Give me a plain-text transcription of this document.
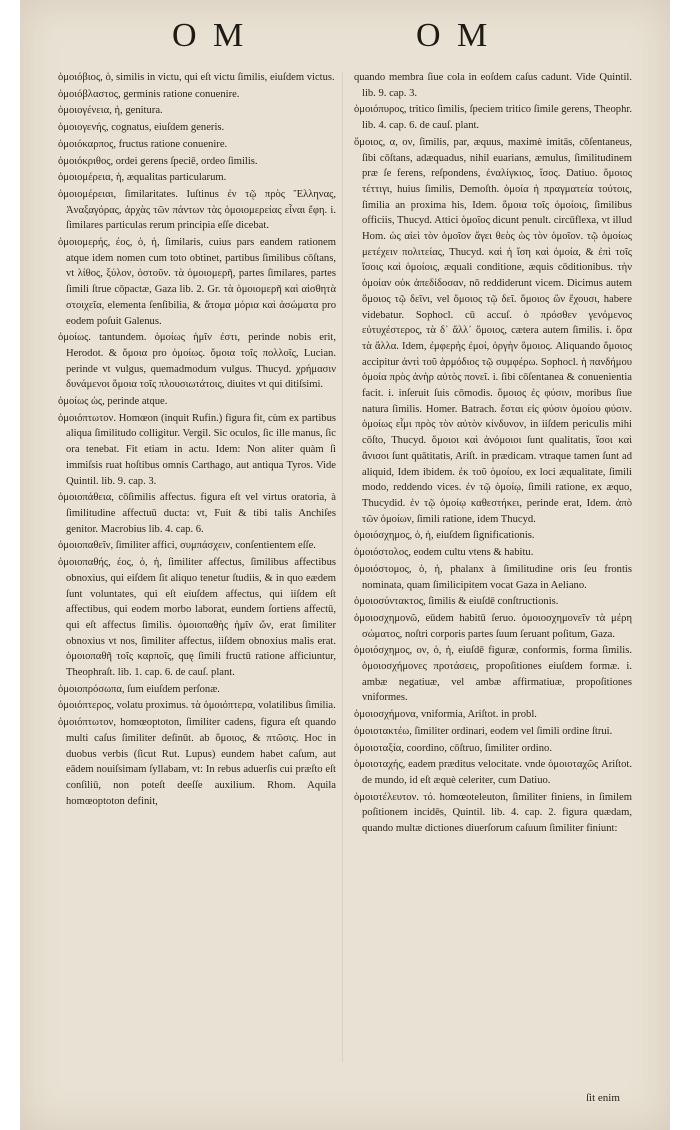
O M	O M

ὁμοιόβιος, ὁ, similis in victu, qui eſt victu ſimilis, eiuſdem victus.

ὁμοιόβλαστος, germinis ratione conuenire.

ὁμοιογένεια, ἡ, genitura.

ὁμοιογενής, cognatus, eiuſdem generis.

ὁμοιόκαρπος, fructus ratione conuenire.

ὁμοιόκριθος, ordei gerens ſpeciē, ordeo ſimilis.

ὁμοιομέρεια, ἡ, æqualitas particularum.

ὁμοιομέρειαι, ſimilaritates. Iuſtinus ἐν τῷ πρὸς Ἕλληνας, Ἀναξαγόρας, ἀρχὰς τῶν πάντων τὰς ὁμοιομερείας εἶναι ἔφη. i. ſimilares particulas rerum principia eſſe dicebat.

ὁμοιομερής, έος, ὁ, ἡ, ſimilaris, cuius pars eandem rationem atque idem nomen cum toto obtinet, partibus ſimilibus cōſtans, vt λίθος, ξύλον, ὀστοῦν. τὰ ὁμοιομερῆ, partes ſimilares, partes ſimili ſtrue cōpactæ, Gaza lib. 2. Gr. τὰ ὁμοιομερῆ καὶ αἰσθητὰ στοιχεῖα, elementa ſenſibilia, & ἄτομα μόρια καὶ ἀσώματα pro eodem poſuit Galenus.

ὁμοίως. tantundem. ὁμοίως ἡμῖν ἐστι, perinde nobis erit, Herodot. & ὅμοια pro ὁμοίως. ὅμοια τοῖς πολλοῖς, Lucian. perinde vt vulgus, quemadmodum vulgus. Thucyd. χρήμασιν δυνάμενοι ὅμοια τοῖς πλουσιωτάτοις, diuites vt qui ditiſsimi.

ὁμοίως ὡς, perinde atque.

ὁμοιόπτωτον. Homœon (inquit Rufin.) figura fit, cùm ex partibus aliqua ſimilitudo colligitur. Vergil. Sic oculos, ſic ille manus, ſic ora tenebat. Fit etiam in actu. Idem: Non aliter quàm ſi immiſsis ruat hoſtibus omnis Carthago, aut antiqua Tyros. Vide Quintil. lib. 9. cap. 3.

ὁμοιοπάθεια, cōſimilis affectus. figura eſt vel virtus oratoria, à ſimilitudine affectuū ducta: vt, Fuit & tibi talis Anchiſes genitor. Macrobius lib. 4. cap. 6.

ὁμοιοπαθεῖν, ſimiliter affici, συμπάσχειν, conſentientem eſſe.

ὁμοιοπαθής, έος, ὁ, ἡ, ſimiliter affectus, ſimilibus affectibus obnoxius, qui eiſdem ſit aliquo tenetur ſtudiis, & in quo eædem ſunt voluntates, qui eſt eiuſdem affectus, qui iiſdem eſt affectibus, qui eodem morbo laborat, eundem ſortiens affectū, qui eſt affectus ſimilis. ὁμοιοπαθὴς ἡμῖν ὤν, erat ſimiliter obnoxius vt nos, ſimiliter affectus, iiſdem obnoxius malis erat. ὁμοιοπαθῆ τοῖς καρποῖς, quę ſimili fructū ratione afficiuntur, Theophraſt. lib. 1. cap. 6. de cauſ. plant.

ὁμοιοπρόσωπα, ſum eiuſdem perſonæ.

ὁμοιόπτερος, volatu proximus. τὰ ὁμοιόπτερα, volatilibus ſimilia.

ὁμοιόπτωτον, homœoptoton, ſimiliter cadens, figura eſt quando multi caſus ſimiliter deſinūt. ab ὅμοιος, & πτῶσις. Hoc in duobus verbis (ſicut Rut. Lupus) eundem habet caſum, aut eādem nouiſsimam ſyllabam, vt: In rebus aduerſis cui præſto eſt conſiliū, non poteſt deeſſe auxilium. Rhom. Aquila homœoptoton definit,

quando membra ſiue cola in eoſdem caſus cadunt. Vide Quintil. lib. 9. cap. 3.

ὁμοιόπυρος, tritico ſimilis, ſpeciem tritico ſimile gerens, Theophr. lib. 4. cap. 6. de cauſ. plant.

ὅμοιος, α, ον, ſimilis, par, æquus, maximè imitās, cōſentaneus, ſibi cōſtans, adæquadus, nihil euarians, æmulus, ſimilitudinem præ ſe ferens, reſpondens, ἐναλίγκιος, ἴσος. Datiuo. ὅμοιος τέττιγι, huius ſimilis, Demoſth. ὁμοία ἡ πραγματεία τούτοις, ſimilia an proxima his, Idem. ὅμοια τοῖς ὁμοίοις, ſimilibus officiis, Thucyd. Attici ὁμοῖος dicunt penult. circūflexa, vt illud Hom. ὡς αἰεὶ τὸν ὁμοῖον ἄγει θεὸς ὡς τὸν ὁμοῖον. τῷ ὁμοίως μετέχειν πολιτείας, Thucyd. καὶ ἡ ἴση καὶ ὁμοία, & ἐπὶ τοῖς ἴσοις καὶ ὁμοίοις, æquali conditione, æquis cōditionibus. τὴν ὁμοίαν οὐκ ἀπεδίδοσαν, nō reddiderunt vicem. Dicimus autem ὅμοιος τῷ δεῖνι, vel ὅμοιος τῷ δεῖ. ὅμοιος ὢν ἔχουσι, habere videbatur. Sophocl. cū accuſ. ὁ πρόσθεν γενόμενος εὐτυχέστερος, τὰ δ᾽ ἄλλ᾽ ὅμοιος, cætera autem ſimilis. i. ὅρα τὰ ἄλλα. Idem, ἐμφερὴς ἐμοί, ὀργὴν ὅμοιος. Aliquando ὅμοιος accipitur ἀντὶ τοῦ ἁρμόδιος τῷ συμφέρω. Sophocl. ἡ πανδήμου ὁμοία πρὸς ἀνὴρ αὐτὸς πονεῖ. i. ſibi cōſentanea & conuenientia facit. i. inſeruit ſuis cōmodis. ὅμοιος ἐς φύσιν, moribus ſiue natura ſimilis. Homer. Batrach. ἔσται εἰς φύσιν ὁμοίου φύσιν. ὁμοίως εἶμι πρὸς τὸν αὐτὸν κίνδυνον, in iiſdem periculis mihi cōſto, Thucyd. ὅμοιοι καὶ ἀνόμοιοι ſunt qualitatis, ἴσοι καὶ ἄνισοι ſunt quātitatis, Ariſt. in prædicam. vtraque tamen ſunt ad aliquid, Idem ibidem. ἐκ τοῦ ὁμοίου, ex loci æqualitate, ſimili modo, reddendo vices. ἐν τῷ ὁμοίῳ, ſimili ratione, ex æquo, Thucydid. ἐν τῷ ὁμοίῳ καθεστήκει, perinde erat, Idem. ἀπὸ τῶν ὁμοίων, ſimili ratione, idem Thucyd.

ὁμοιόσχημος, ὁ, ἡ, eiuſdem ſignificationis.

ὁμοιόστολος, eodem cultu vtens & habitu.

ὁμοιόστομος, ὁ, ἡ, phalanx à ſimilitudine oris ſeu frontis nominata, quam ſimilicipitem vocat Gaza in Aeliano.

ὁμοιοσύντακτος, ſimilis & eiuſdē conſtructionis.

ὁμοιοσχημονῶ, eūdem habitū ſeruo. ὁμοιοσχημονεῖν τὰ μέρη σώματος, noſtri corporis partes ſuum ſeruant poſitum, Gaza.

ὁμοιόσχημος, ον, ὁ, ἡ, eiuſdē figuræ, conformis, forma ſimilis. ὁμοιοσχήμονες προτάσεις, propoſitiones eiuſdem formæ. i. ambæ negatiuæ, vel ambæ affirmatiuæ, propoſitiones vniformes.

ὁμοιοσχήμονα, vniformia, Ariſtot. in probl.

ὁμοιοτακτέω, ſimiliter ordinari, eodem vel ſimili ordine ſtrui.

ὁμοιοταξία, coordino, cōſtruo, ſimiliter ordino.

ὁμοιοταχής, eadem præditus velocitate. vnde ὁμοιοταχῶς Ariſtot. de mundo, id eſt æquè celeriter, cum Datiuo.

ὁμοιοτέλευτον. τό. homœoteleuton, ſimiliter finiens, in ſimilem poſitionem incidēs, Quintil. lib. 4. cap. 2. figura quædam, quando multæ dictiones diuerſorum caſuum ſimiliter finiunt:

ſit enim
